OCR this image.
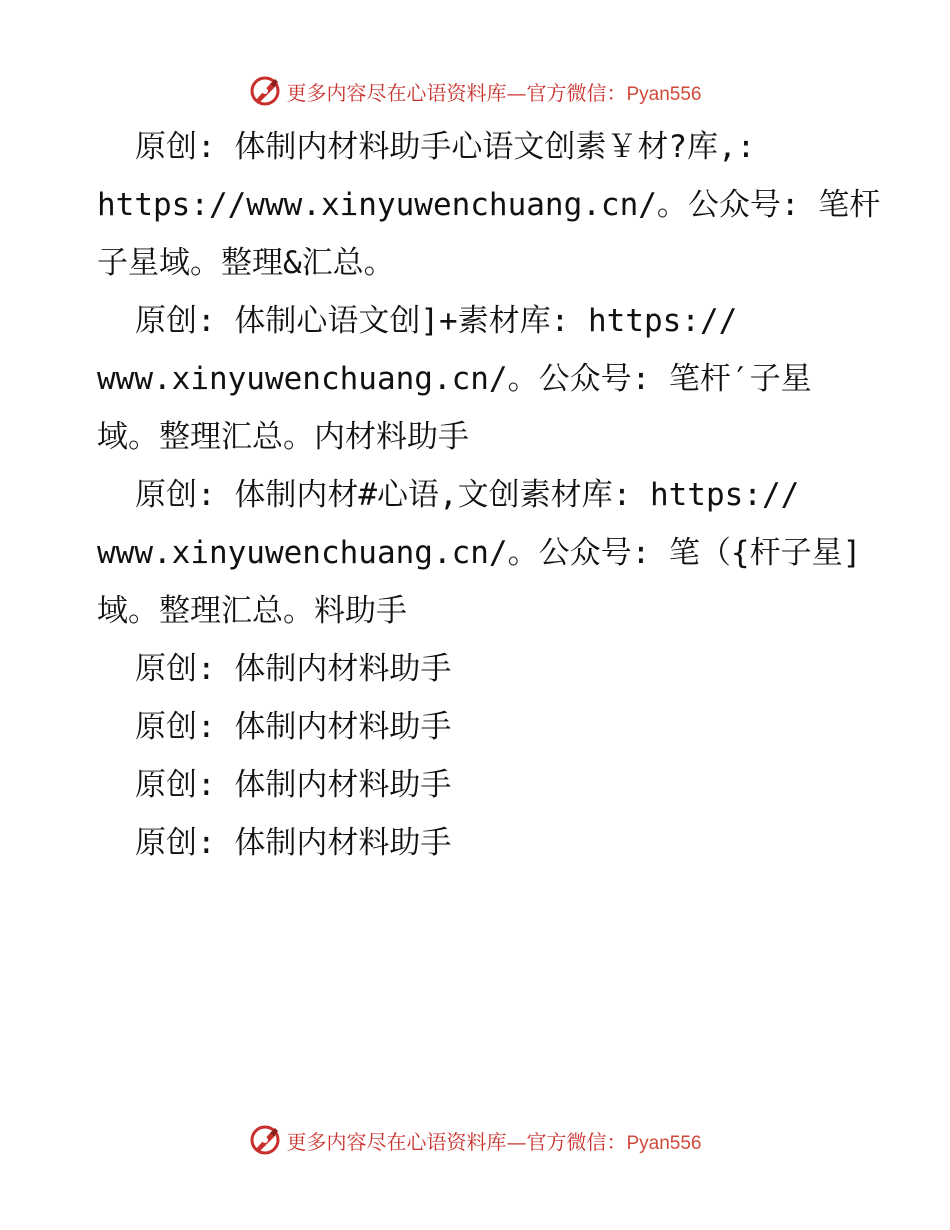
更多内容尽在心语资料库—官方微信：Pyan556
原创: 体制内材料助手心语文创素￥材?库,:
https://www.xinyuwenchuang.cn/。公众号: 笔杆
子星域。整理&汇总。
原创: 体制心语文创]+素材库: https://
www.xinyuwenchuang.cn/。公众号: 笔杆′子星
域。整理汇总。内材料助手
原创: 体制内材#心语,文创素材库: https://
www.xinyuwenchuang.cn/。公众号: 笔（{杆子星]
域。整理汇总。料助手
原创: 体制内材料助手
原创: 体制内材料助手
原创: 体制内材料助手
原创: 体制内材料助手
更多内容尽在心语资料库—官方微信：Pyan556
